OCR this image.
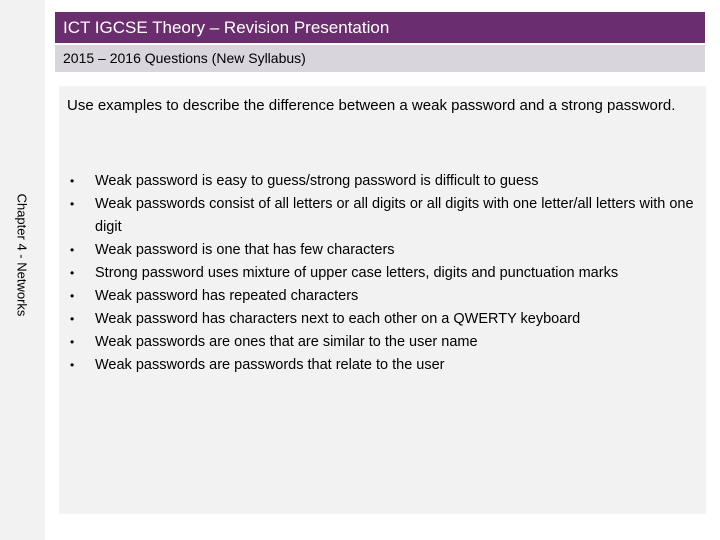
Chapter 4 - Networks
ICT IGCSE Theory – Revision Presentation
2015 – 2016 Questions (New Syllabus)
Use examples to describe the difference between a weak password and a strong password.
• Weak password is easy to guess/strong password is difficult to guess
• Weak passwords consist of all letters or all digits or all digits with one letter/all letters with one digit
• Weak password is one that has few characters
• Strong password uses mixture of upper case letters, digits and punctuation marks
• Weak password has repeated characters
• Weak password has characters next to each other on a QWERTY keyboard
• Weak passwords are ones that are similar to the user name
• Weak passwords are passwords that relate to the user
